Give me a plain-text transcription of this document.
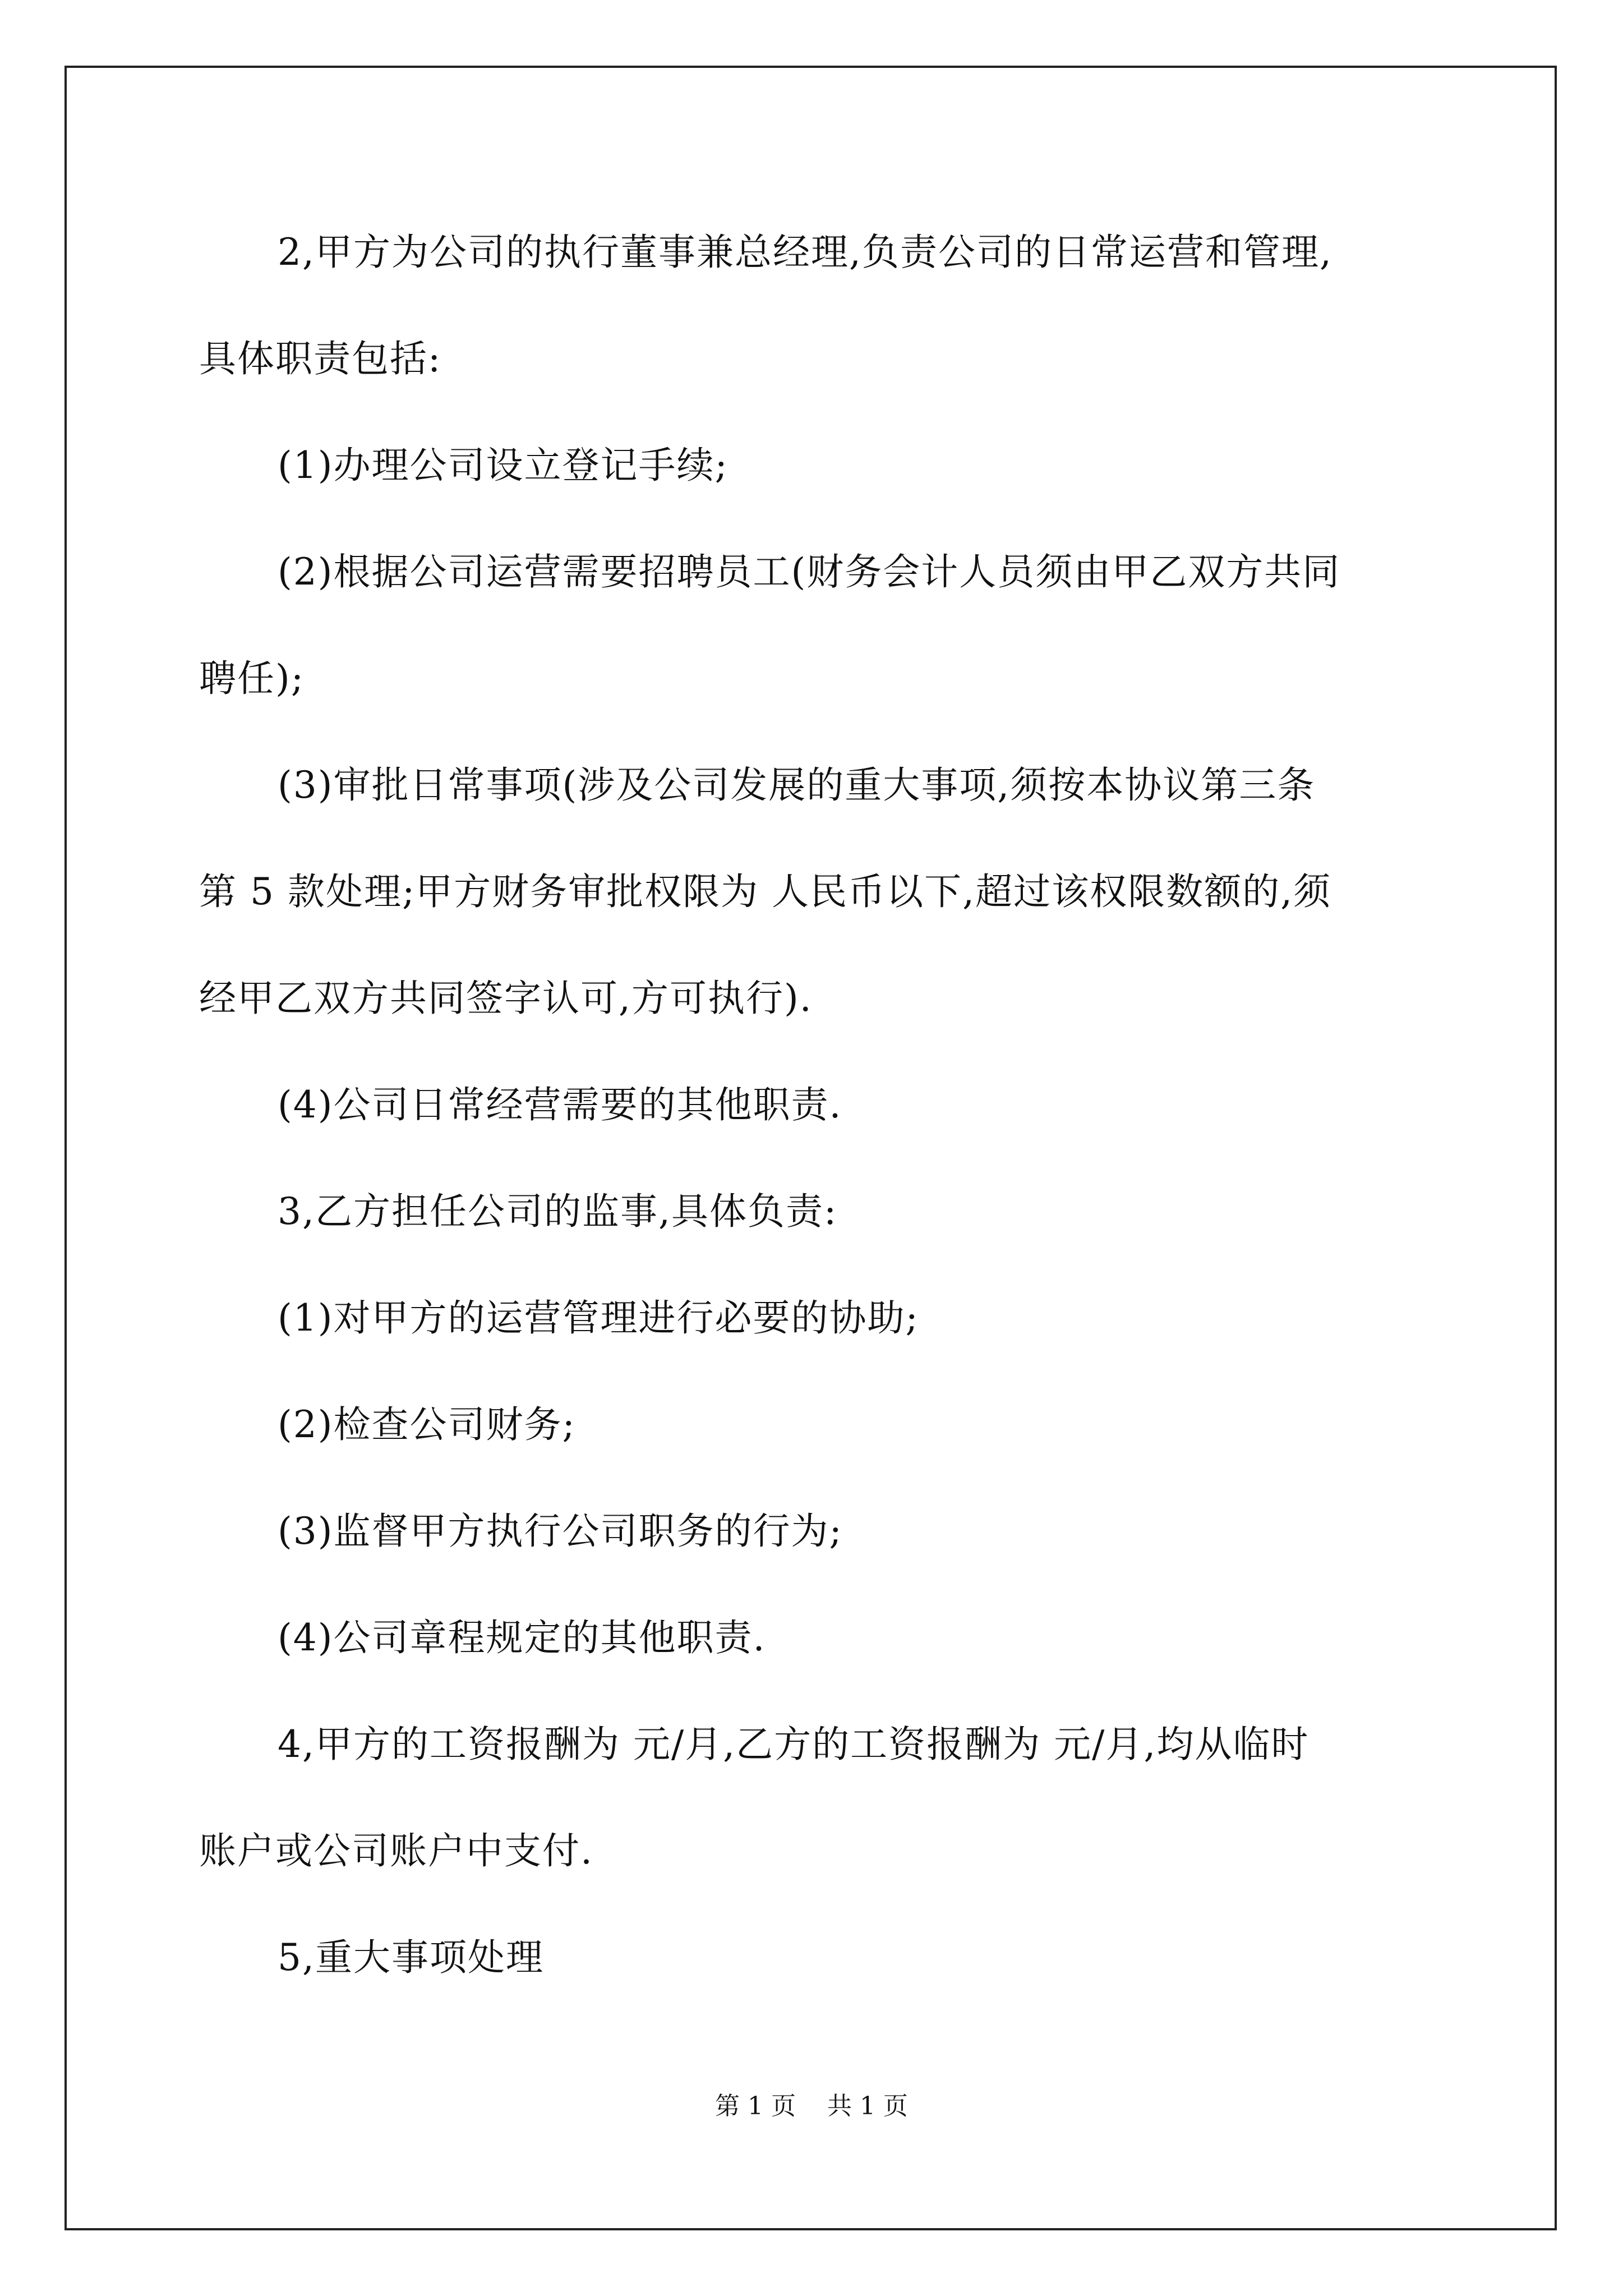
2,甲方为公司的执行董事兼总经理,负责公司的日常运营和管理,
具体职责包括:
(1)办理公司设立登记手续;
(2)根据公司运营需要招聘员工(财务会计人员须由甲乙双方共同
聘任);
(3)审批日常事项(涉及公司发展的重大事项,须按本协议第三条
第 5 款处理;甲方财务审批权限为 人民币以下,超过该权限数额的,须
经甲乙双方共同签字认可,方可执行).
(4)公司日常经营需要的其他职责.
3,乙方担任公司的监事,具体负责:
(1)对甲方的运营管理进行必要的协助;
(2)检查公司财务;
(3)监督甲方执行公司职务的行为;
(4)公司章程规定的其他职责.
4,甲方的工资报酬为 元/月,乙方的工资报酬为 元/月,均从临时
账户或公司账户中支付.
5,重大事项处理
第 1 页    共 1 页
